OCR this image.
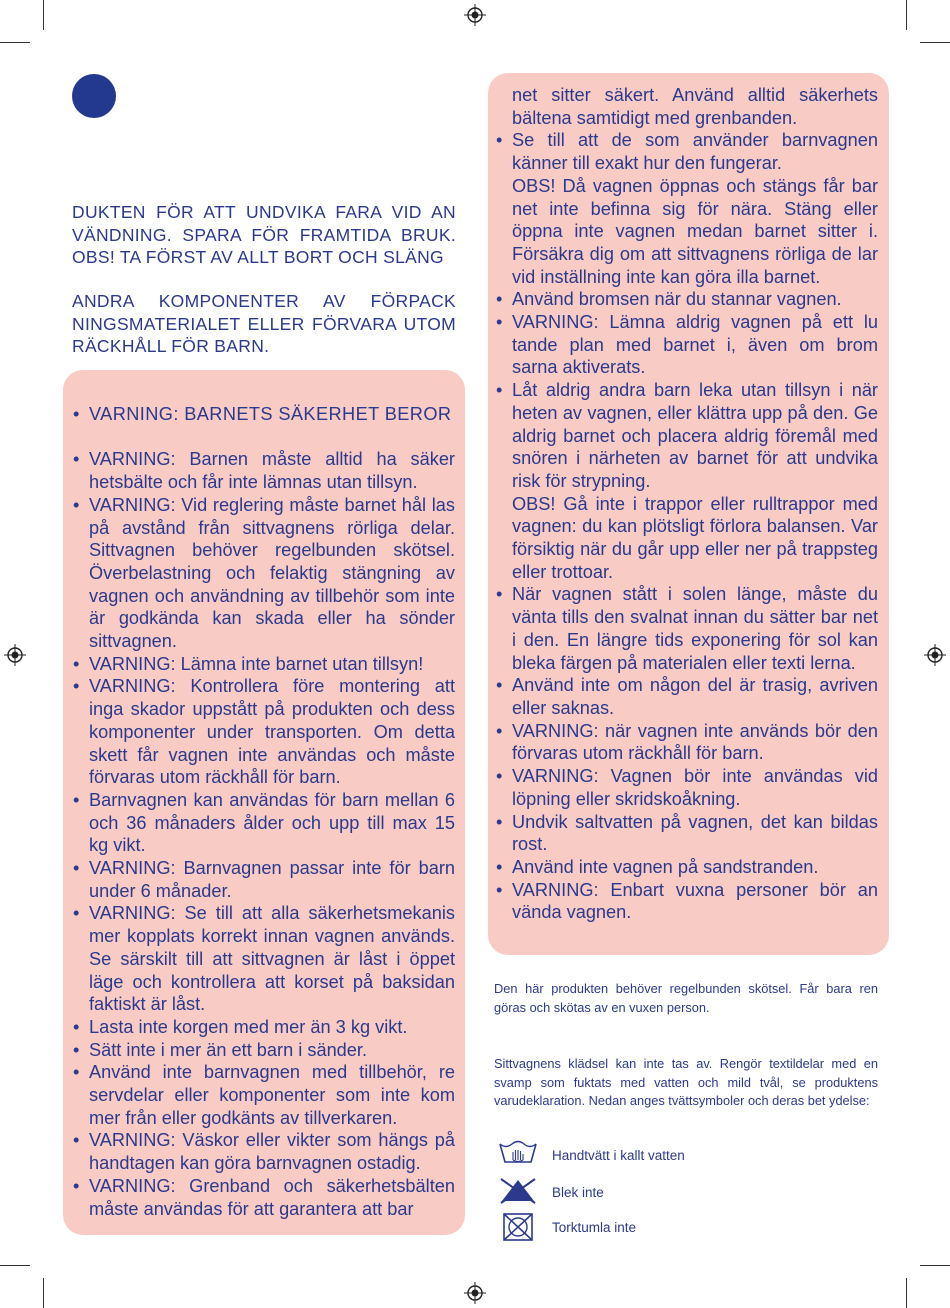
DUKTEN FÖR ATT UNDVIKA FARA VID AN VÄNDNING. SPARA FÖR FRAMTIDA BRUK. OBS! TA FÖRST AV ALLT BORT OCH SLÄNG

ANDRA KOMPONENTER AV FÖRPACK NINGSMATERIALET ELLER FÖRVARA UTOM RÄCKHÅLL FÖR BARN.

• VARNING: BARNETS SÄKERHET BEROR
• VARNING: Barnen måste alltid ha säker hetsbälte och får inte lämnas utan tillsyn.
• VARNING: Vid reglering måste barnet hål las på avstånd från sittvagnens rörliga delar. Sittvagnen behöver regelbunden skötsel. Överbelastning och felaktig stängning av vagnen och användning av tillbehör som inte är godkända kan skada eller ha sönder sittvagnen.
• VARNING: Lämna inte barnet utan tillsyn!
• VARNING: Kontrollera före montering att inga skador uppstått på produkten och dess komponenter under transporten. Om detta skett får vagnen inte användas och måste förvaras utom räckhåll för barn.
• Barnvagnen kan användas för barn mellan 6 och 36 månaders ålder och upp till max 15 kg vikt.
• VARNING: Barnvagnen passar inte för barn under 6 månader.
• VARNING: Se till att alla säkerhetsmekanis mer kopplats korrekt innan vagnen används. Se särskilt till att sittvagnen är låst i öppet läge och kontrollera att korset på baksidan faktiskt är låst.
• Lasta inte korgen med mer än 3 kg vikt.
• Sätt inte i mer än ett barn i sänder.
• Använd inte barnvagnen med tillbehör, re servdelar eller komponenter som inte kom mer från eller godkänts av tillverkaren.
• VARNING: Väskor eller vikter som hängs på handtagen kan göra barnvagnen ostadig.
• VARNING: Grenband och säkerhetsbälten måste användas för att garantera att bar
net sitter säkert. Använd alltid säkerhets bältena samtidigt med grenbanden.
• Se till att de som använder barnvagnen känner till exakt hur den fungerar.
OBS! Då vagnen öppnas och stängs får bar net inte befinna sig för nära. Stäng eller öppna inte vagnen medan barnet sitter i. Försäkra dig om att sittvagnens rörliga de lar vid inställning inte kan göra illa barnet.
• Använd bromsen när du stannar vagnen.
• VARNING: Lämna aldrig vagnen på ett lu tande plan med barnet i, även om brom sarna aktiverats.
• Låt aldrig andra barn leka utan tillsyn i när heten av vagnen, eller klättra upp på den. Ge aldrig barnet och placera aldrig föremål med snören i närheten av barnet för att undvika risk för strypning.
OBS! Gå inte i trappor eller rulltrappor med vagnen: du kan plötsligt förlora balansen. Var försiktig när du går upp eller ner på trappsteg eller trottoar.
• När vagnen stått i solen länge, måste du vänta tills den svalnat innan du sätter bar net i den. En längre tids exponering för sol kan bleka färgen på materialen eller texti lerna.
• Använd inte om någon del är trasig, avriven eller saknas.
• VARNING: när vagnen inte används bör den förvaras utom räckhåll för barn.
• VARNING: Vagnen bör inte användas vid löpning eller skridskoåkning.
• Undvik saltvatten på vagnen, det kan bildas rost.
• Använd inte vagnen på sandstranden.
• VARNING: Enbart vuxna personer bör an vända vagnen.

Den här produkten behöver regelbunden skötsel. Får bara ren göras och skötas av en vuxen person.

Sittvagnens klädsel kan inte tas av. Rengör textildelar med en svamp som fuktats med vatten och mild tvål, se produktens varudeklaration. Nedan anges tvättsymboler och deras bet ydelse:

Handtvätt i kallt vatten
Blek inte
Torktumla inte
